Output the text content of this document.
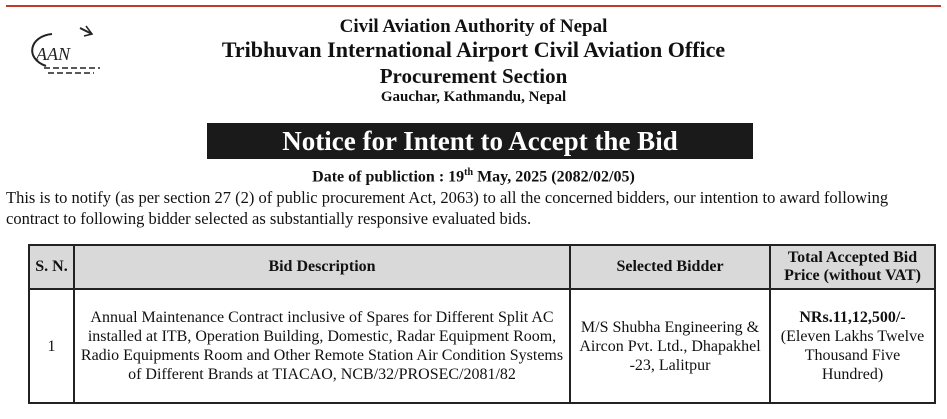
AAN
Civil Aviation Authority of Nepal
Tribhuvan International Airport Civil Aviation Office
Procurement Section
Gauchar, Kathmandu, Nepal
Notice for Intent to Accept the Bid
Date of publiction : 19th May, 2025 (2082/02/05)
This is to notify (as per section 27 (2) of public procurement Act, 2063) to all the concerned bidders, our intention to award following contract to following bidder selected as substantially responsive evaluated bids.
S. N.	Bid Description	Selected Bidder	Total Accepted Bid Price (without VAT)
1	Annual Maintenance Contract inclusive of Spares for Different Split AC installed at ITB, Operation Building, Domestic, Radar Equipment Room, Radio Equipments Room and Other Remote Station Air Condition Systems of Different Brands at TIACAO, NCB/32/PROSEC/2081/82	M/S Shubha Engineering & Aircon Pvt. Ltd., Dhapakhel -23, Lalitpur	NRs.11,12,500/-
(Eleven Lakhs Twelve Thousand Five Hundred)
